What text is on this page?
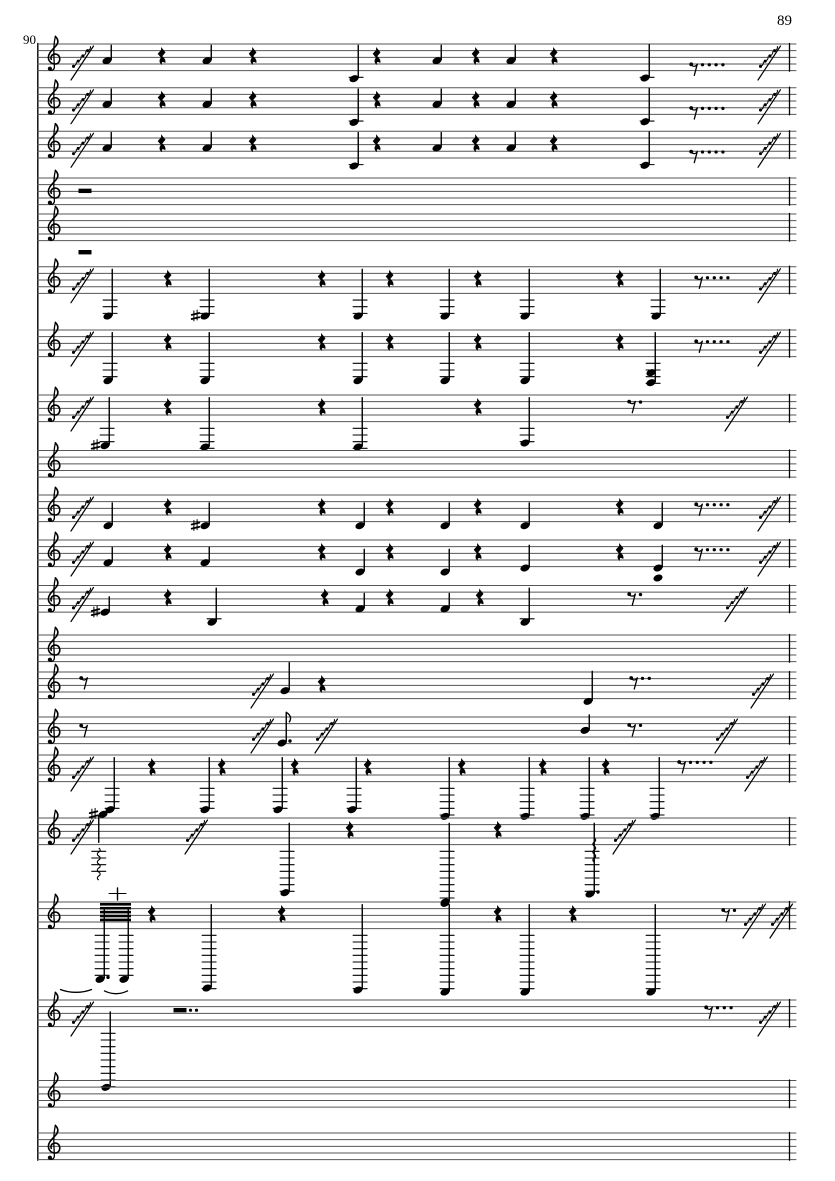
90
89
